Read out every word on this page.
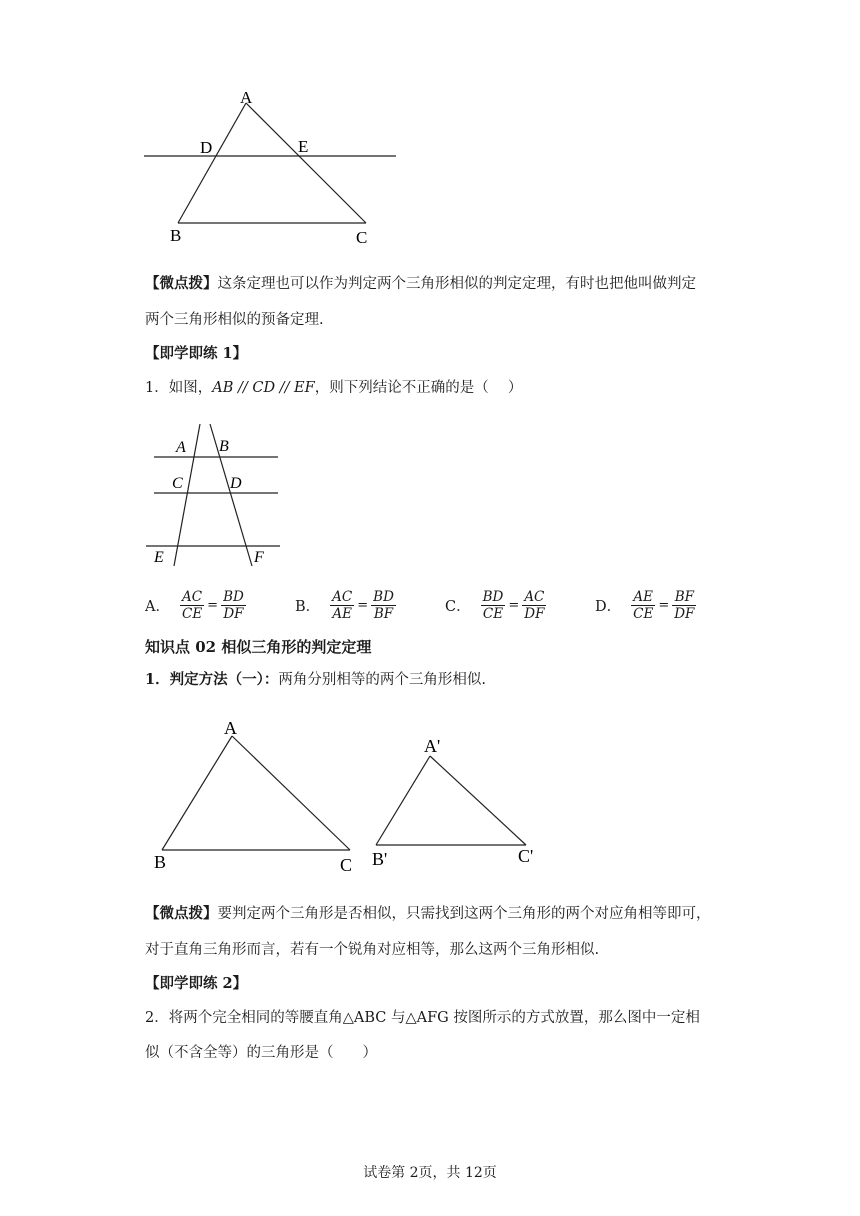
A
D	E
B	C
【微点拨】这条定理也可以作为判定两个三角形相似的判定定理，有时也把他叫做判定
两个三角形相似的预备定理.
【即学即练 1】
1．如图，AB // CD // EF，则下列结论不正确的是（　 ）
A B
C	D
E	F
A． $\frac{AC}{CE} = \frac{BD}{DF}$	B． $\frac{AC}{AE} = \frac{BD}{BF}$	C． $\frac{BD}{CE} = \frac{AC}{DF}$	D． $\frac{AE}{CE} = \frac{BF}{DF}$
知识点 02 相似三角形的判定定理
1．判定方法（一）：两角分别相等的两个三角形相似.
A
B	C
A'
B'	C'
【微点拨】要判定两个三角形是否相似，只需找到这两个三角形的两个对应角相等即可，
对于直角三角形而言，若有一个锐角对应相等，那么这两个三角形相似.
【即学即练 2】
2．将两个完全相同的等腰直角△ABC 与△AFG 按图所示的方式放置，那么图中一定相
似（不含全等）的三角形是（　　）
试卷第 2页，共 12页
